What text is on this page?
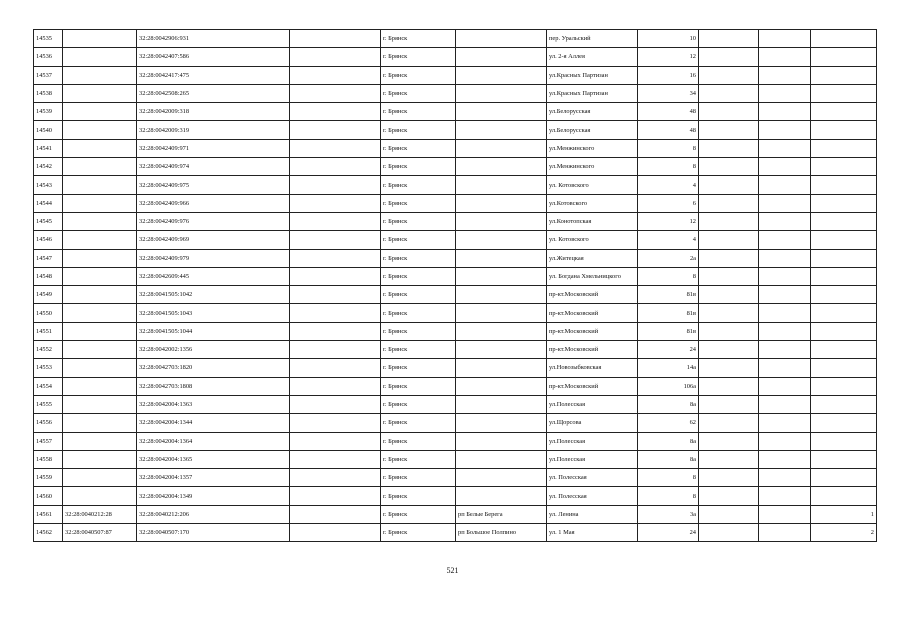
14535		32:28:0042906:931		г. Брянск		пер. Уральский	10			
14536		32:28:0042407:586		г. Брянск		ул. 2-я Аллея	12			
14537		32:28:0042417:475		г. Брянск		ул.Красных Партизан	16			
14538		32:28:0042508:265		г. Брянск		ул.Красных Партизан	34			
14539		32:28:0042009:318		г. Брянск		ул.Белорусская	48			
14540		32:28:0042009:319		г. Брянск		ул.Белорусская	48			
14541		32:28:0042409:971		г. Брянск		ул.Менжинского	8			
14542		32:28:0042409:974		г. Брянск		ул.Менжинского	8			
14543		32:28:0042409:975		г. Брянск		ул. Котовского	4			
14544		32:28:0042409:966		г. Брянск		ул.Котовского	6			
14545		32:28:0042409:976		г. Брянск		ул.Конотопская	12			
14546		32:28:0042409:969		г. Брянск		ул. Котовского	4			
14547		32:28:0042409:979		г. Брянск		ул.Житецкая	2а			
14548		32:28:0042609:445		г. Брянск		ул. Богдана Хмельницкого	8			
14549		32:28:0041505:1042		г. Брянск		пр-кт.Московский	81в			
14550		32:28:0041505:1043		г. Брянск		пр-кт.Московский	81в			
14551		32:28:0041505:1044		г. Брянск		пр-кт.Московский	81в			
14552		32:28:0042002:1356		г. Брянск		пр-кт.Московский	24			
14553		32:28:0042703:1820		г. Брянск		ул.Новозыбковская	14а			
14554		32:28:0042703:1808		г. Брянск		пр-кт.Московский	106а			
14555		32:28:0042004:1363		г. Брянск		ул.Полесская	8а			
14556		32:28:0042004:1344		г. Брянск		ул.Щорсова	62			
14557		32:28:0042004:1364		г. Брянск		ул.Полесская	8а			
14558		32:28:0042004:1365		г. Брянск		ул.Полесская	8а			
14559		32:28:0042004:1357		г. Брянск		ул. Полесская	8			
14560		32:28:0042004:1349		г. Брянск		ул. Полесская	8			
14561	32:28:0040212:28	32:28:0040212:206		г. Брянск	рп Белые Берега	ул. Ленина	3а			1
14562	32:28:0040507:87	32:28:0040507:170		г. Брянск	рп Большое Полпино	ул. 1 Мая	24			2
521
